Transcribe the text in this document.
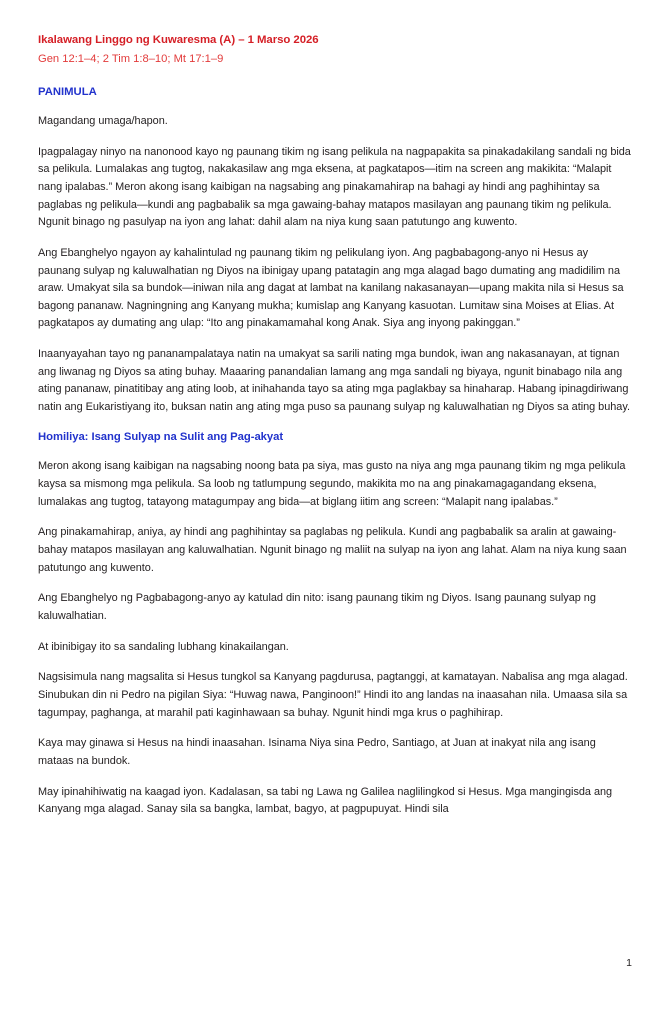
Ikalawang Linggo ng Kuwaresma (A) – 1 Marso 2026
Gen 12:1–4; 2 Tim 1:8–10; Mt 17:1–9
PANIMULA

Magandang umaga/hapon.

Ipagpalagay ninyo na nanonood kayo ng paunang tikim ng isang pelikula na nagpapakita sa pinakadakilang sandali ng bida sa pelikula. Lumalakas ang tugtog, nakakasilaw ang mga eksena, at pagkatapos—itim na screen ang makikita: “Malapit nang ipalabas.” Meron akong isang kaibigan na nagsabing ang pinakamahirap na bahagi ay hindi ang paghihintay sa paglabas ng pelikula—kundi ang pagbabalik sa mga gawaing-bahay matapos masilayan ang paunang tikim ng pelikula. Ngunit binago ng pasulyap na iyon ang lahat: dahil alam na niya kung saan patutungo ang kuwento.

Ang Ebanghelyo ngayon ay kahalintulad ng paunang tikim ng pelikulang iyon. Ang pagbabagong-anyo ni Hesus ay paunang sulyap ng kaluwalhatian ng Diyos na ibinigay upang patatagin ang mga alagad bago dumating ang madidilim na araw. Umakyat sila sa bundok—iniwan nila ang dagat at lambat na kanilang nakasanayan—upang makita nila si Hesus sa bagong pananaw. Nagningning ang Kanyang mukha; kumislap ang Kanyang kasuotan. Lumitaw sina Moises at Elias. At pagkatapos ay dumating ang ulap: “Ito ang pinakamamahal kong Anak. Siya ang inyong pakinggan.”

Inaanyayahan tayo ng pananampalataya natin na umakyat sa sarili nating mga bundok, iwan ang nakasanayan, at tignan ang liwanag ng Diyos sa ating buhay. Maaaring panandalian lamang ang mga sandali ng biyaya, ngunit binabago nila ang ating pananaw, pinatitibay ang ating loob, at inihahanda tayo sa ating mga paglakbay sa hinaharap. Habang ipinagdiriwang natin ang Eukaristiyang ito, buksan natin ang ating mga puso sa paunang sulyap ng kaluwalhatian ng Diyos sa ating buhay.

Homiliya: Isang Sulyap na Sulit ang Pag-akyat

Meron akong isang kaibigan na nagsabing noong bata pa siya, mas gusto na niya ang mga paunang tikim ng mga pelikula kaysa sa mismong mga pelikula. Sa loob ng tatlumpung segundo, makikita mo na ang pinakamagagandang eksena, lumalakas ang tugtog, tatayong matagumpay ang bida—at biglang iitim ang screen: “Malapit nang ipalabas.”

Ang pinakamahirap, aniya, ay hindi ang paghihintay sa paglabas ng pelikula. Kundi ang pagbabalik sa aralin at gawaing-bahay matapos masilayan ang kaluwalhatian. Ngunit binago ng maliit na sulyap na iyon ang lahat. Alam na niya kung saan patutungo ang kuwento.

Ang Ebanghelyo ng Pagbabagong-anyo ay katulad din nito: isang paunang tikim ng Diyos. Isang paunang sulyap ng kaluwalhatian.

At ibinibigay ito sa sandaling lubhang kinakailangan.

Nagsisimula nang magsalita si Hesus tungkol sa Kanyang pagdurusa, pagtanggi, at kamatayan. Nabalisa ang mga alagad. Sinubukan din ni Pedro na pigilan Siya: “Huwag nawa, Panginoon!” Hindi ito ang landas na inaasahan nila. Umaasa sila sa tagumpay, paghanga, at marahil pati kaginhawaan sa buhay. Ngunit hindi mga krus o paghihirap.

Kaya may ginawa si Hesus na hindi inaasahan. Isinama Niya sina Pedro, Santiago, at Juan at inakyat nila ang isang mataas na bundok.

May ipinahihiwatig na kaagad iyon. Kadalasan, sa tabi ng Lawa ng Galilea naglilingkod si Hesus. Mga mangingisda ang Kanyang mga alagad. Sanay sila sa bangka, lambat, bagyo, at pagpupuyat. Hindi sila

1
